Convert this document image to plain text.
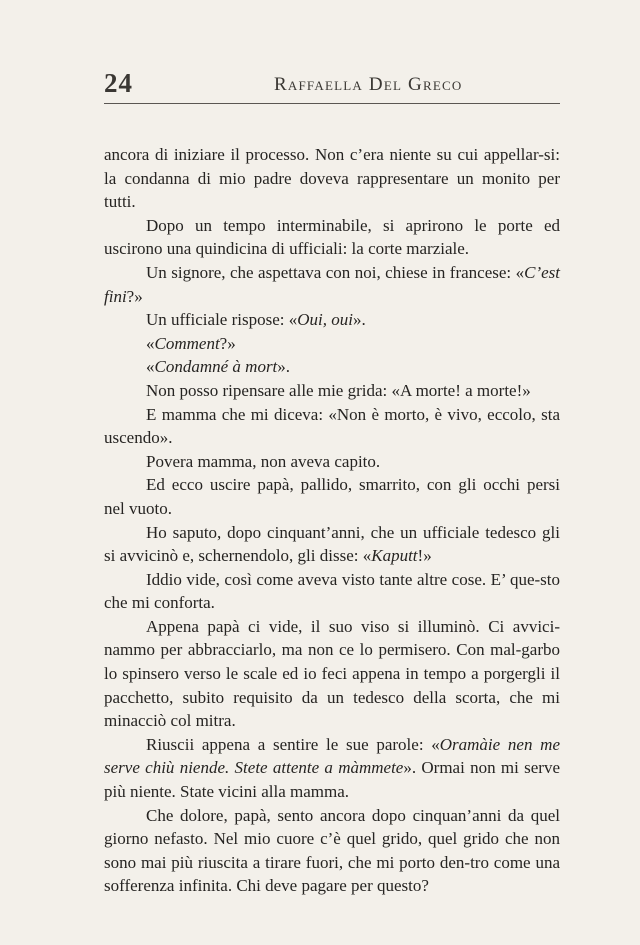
24	Raffaella Del Greco

ancora di iniziare il processo. Non c’era niente su cui appellar-si: la condanna di mio padre doveva rappresentare un monito per tutti.

Dopo un tempo interminabile, si aprirono le porte ed uscirono una quindicina di ufficiali: la corte marziale.

Un signore, che aspettava con noi, chiese in francese: «C’est fini?»

Un ufficiale rispose: «Oui, oui».

«Comment?»

«Condamné à mort».

Non posso ripensare alle mie grida: «A morte! a morte!»

E mamma che mi diceva: «Non è morto, è vivo, eccolo, sta uscendo».

Povera mamma, non aveva capito.

Ed ecco uscire papà, pallido, smarrito, con gli occhi persi nel vuoto.

Ho saputo, dopo cinquant’anni, che un ufficiale tedesco gli si avvicinò e, schernendolo, gli disse: «Kaputt!»

Iddio vide, così come aveva visto tante altre cose. E’ que-sto che mi conforta.

Appena papà ci vide, il suo viso si illuminò. Ci avvici-nammo per abbracciarlo, ma non ce lo permisero. Con mal-garbo lo spinsero verso le scale ed io feci appena in tempo a porgergli il pacchetto, subito requisito da un tedesco della scorta, che mi minacciò col mitra.

Riuscii appena a sentire le sue parole: «Oramàie nen me serve chiù niende. Stete attente a màmmete». Ormai non mi serve più niente. State vicini alla mamma.

Che dolore, papà, sento ancora dopo cinquan’anni da quel giorno nefasto. Nel mio cuore c’è quel grido, quel grido che non sono mai più riuscita a tirare fuori, che mi porto den-tro come una sofferenza infinita. Chi deve pagare per questo?
